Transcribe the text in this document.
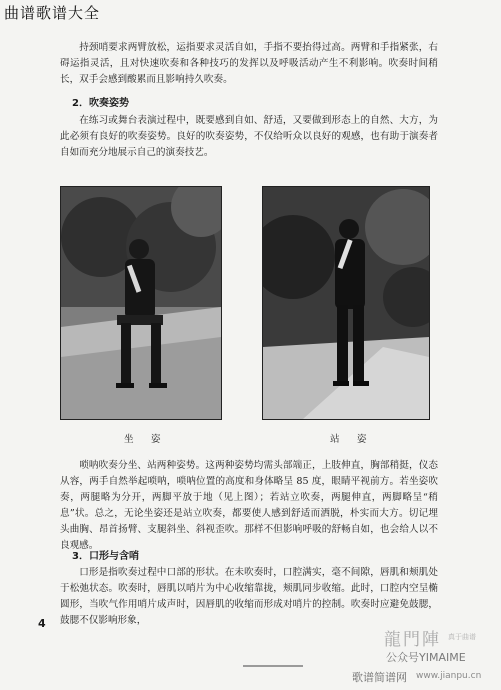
曲谱歌谱大全

持颈哨要求两臂放松，运指要求灵活自如，手指不要抬得过高。两臂和手指紧张，右碍运指灵活，且对快速吹奏和各种技巧的发挥以及呼吸活动产生不利影响。吹奏时间稍长，双手会感到酸累而且影响持久吹奏。

2．吹奏姿势

在练习或舞台表演过程中，既要感到自如、舒适，又要做到形态上的自然、大方，为此必须有良好的吹奏姿势。良好的吹奏姿势，不仅给听众以良好的观感，也有助于演奏者自如而充分地展示自己的演奏技艺。

坐　姿	站　姿

唢呐吹奏分坐、站两种姿势。这两种姿势均需头部端正，上肢伸直，胸部稍挺，仪态从容，两手自然举起唢呐，唢呐位置的高度和身体略呈 85 度，眼睛平视前方。若坐姿吹奏，两腿略为分开，两脚平放于地（见上图）；若站立吹奏，两腿伸直，两脚略呈“稍息”状。总之，无论坐姿还是站立吹奏，都要使人感到舒适而洒脱，朴实而大方。切记埋头曲胸、昂首扬臂、支腿斜坐、斜视歪吹。那样不但影响呼吸的舒畅自如，也会给人以不良观感。

3．口形与含哨

口形是指吹奏过程中口部的形状。在未吹奏时，口腔满实，毫不间隙，唇肌和颊肌处于松弛状态。吹奏时，唇肌以哨片为中心收缩靠拢，颊肌同步收缩。此时，口腔内空呈椭圆形，当吹气作用哨片成声时，因唇肌的收缩而形成对哨片的控制。吹奏时应避免鼓腮，鼓腮不仅影响形象，

4
龍門陣 真于曲谱
公众号YIMAIME
歌谱简谱网 www.jianpu.cn
